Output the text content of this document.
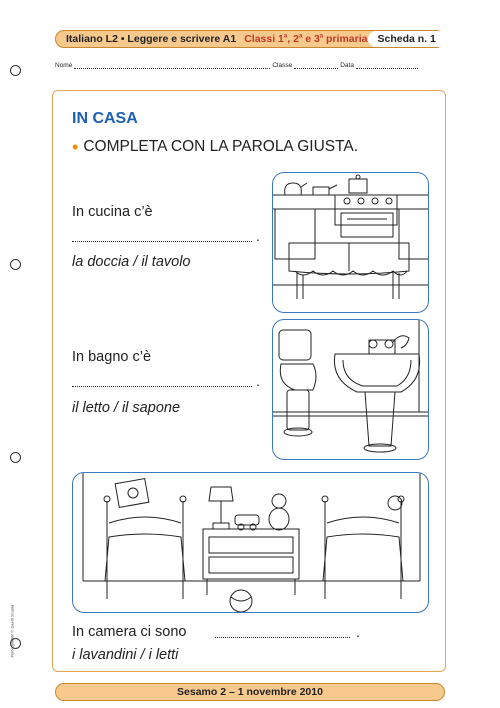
Italiano L2 • Leggere e scrivere A1 Classi 1$^a$, 2$^a$ e 3$^a$ primaria Scheda n. 1
Nome	Classe	Data
Fotocopiabile © Giunti Scuola
IN CASA
• COMPLETA CON LA PAROLA GIUSTA.
In cucina c’è
.
la doccia / il tavolo
In bagno c’è
.
il letto / il sapone
In camera ci sono	.
i lavandini / i letti
Sesamo 2 – 1 novembre 2010
